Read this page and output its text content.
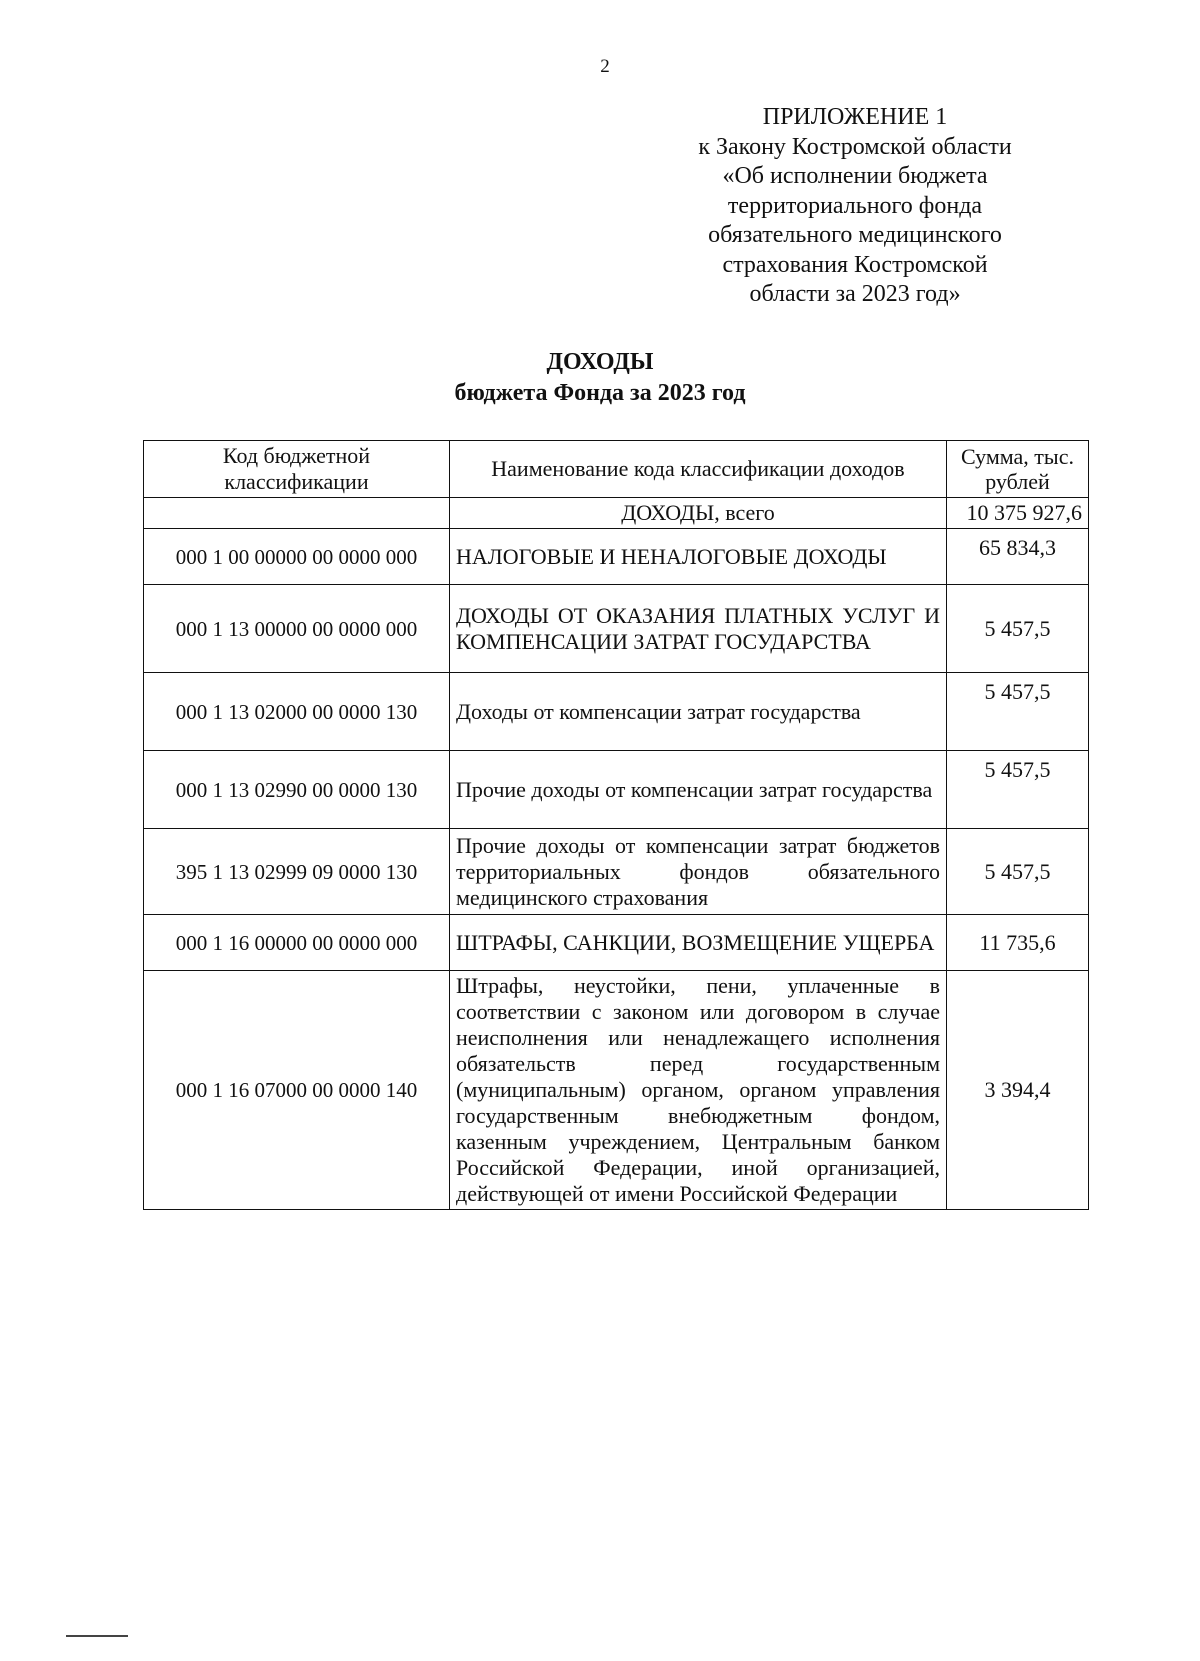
2
ПРИЛОЖЕНИЕ 1
к Закону Костромской области
«Об исполнении бюджета
территориального фонда
обязательного медицинского
страхования Костромской
области за 2023 год»
ДОХОДЫ
бюджета Фонда за 2023 год
Код бюджетной классификации	Наименование кода классификации доходов	Сумма, тыс. рублей
	ДОХОДЫ, всего	10 375 927,6
000 1 00 00000 00 0000 000	НАЛОГОВЫЕ И НЕНАЛОГОВЫЕ ДОХОДЫ	65 834,3
000 1 13 00000 00 0000 000	ДОХОДЫ ОТ ОКАЗАНИЯ ПЛАТНЫХ УСЛУГ И КОМПЕНСАЦИИ ЗАТРАТ ГОСУДАРСТВА	5 457,5
000 1 13 02000 00 0000 130	Доходы от компенсации затрат государства	5 457,5
000 1 13 02990 00 0000 130	Прочие доходы от компенсации затрат государства	5 457,5
395 1 13 02999 09 0000 130	Прочие доходы от компенсации затрат бюджетов территориальных фондов обязательного медицинского страхования	5 457,5
000 1 16 00000 00 0000 000	ШТРАФЫ, САНКЦИИ, ВОЗМЕЩЕНИЕ УЩЕРБА	11 735,6
000 1 16 07000 00 0000 140	Штрафы, неустойки, пени, уплаченные в соответствии с законом или договором в случае неисполнения или ненадлежащего исполнения обязательств перед государственным (муниципальным) органом, органом управления государственным внебюджетным фондом, казенным учреждением, Центральным банком Российской Федерации, иной организацией, действующей от имени Российской Федерации	3 394,4
